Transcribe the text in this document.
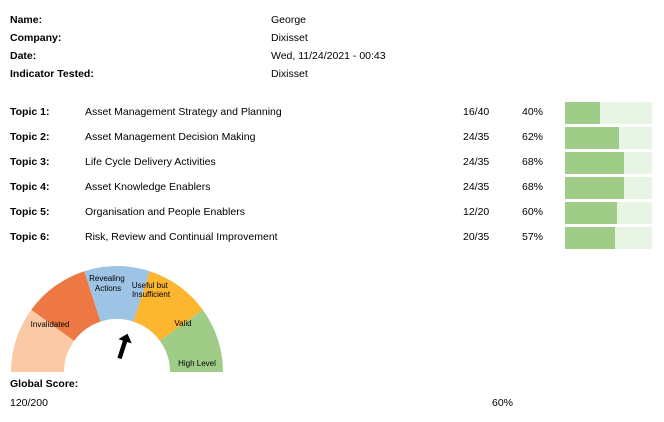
Name:	George
Company:	Dixisset
Date:	Wed, 11/24/2021 - 00:43
Indicator Tested:	Dixisset
Topic 1:	Asset Management Strategy and Planning	16/40	40%
Topic 2:	Asset Management Decision Making	24/35	62%
Topic 3:	Life Cycle Delivery Activities	24/35	68%
Topic 4:	Asset Knowledge Enablers	24/35	68%
Topic 5:	Organisation and People Enablers	12/20	60%
Topic 6:	Risk, Review and Continual Improvement	20/35	57%
Invalidated
Revealing Actions	Useful but Insufficient
Valid
High Level
Global Score:
120/200	60%
